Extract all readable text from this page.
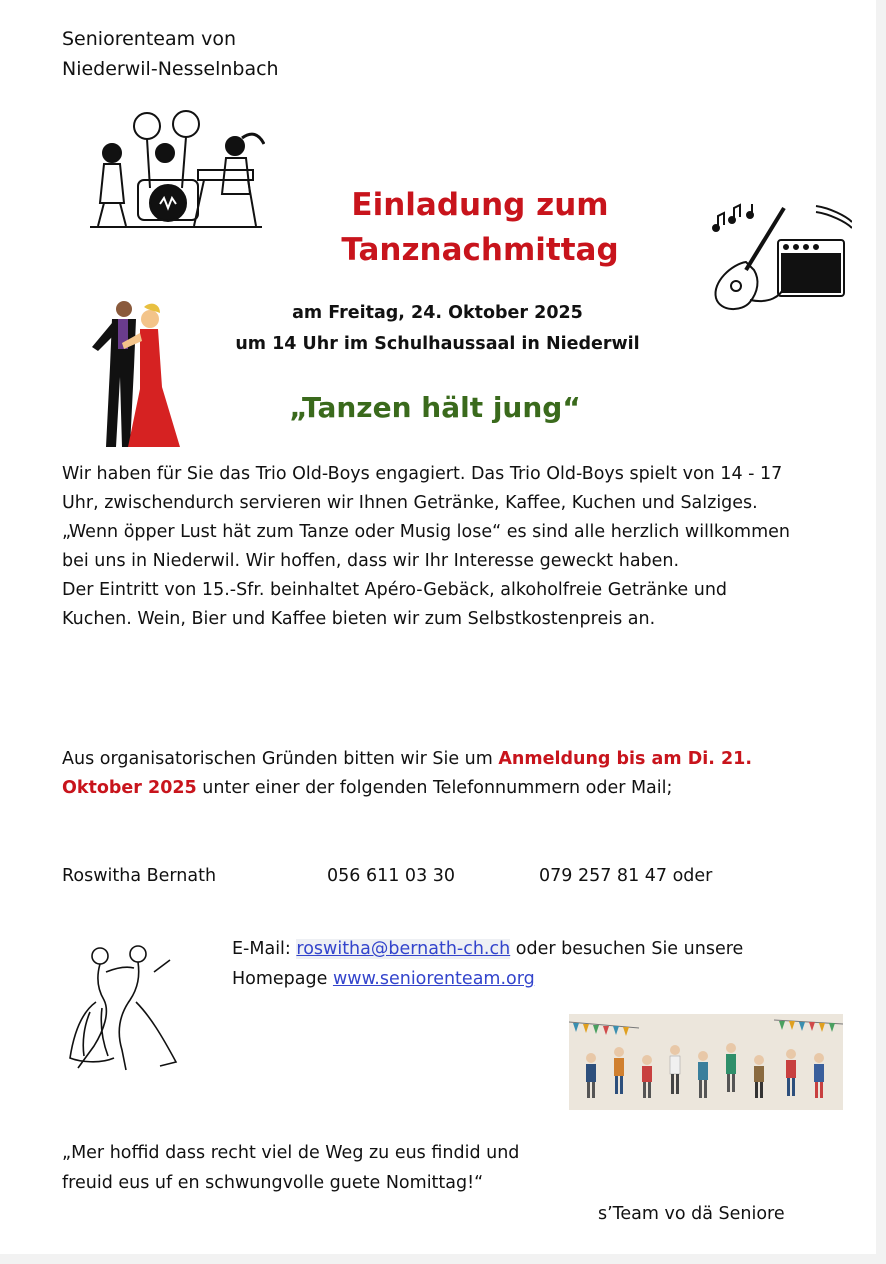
Seniorenteam von
Niederwil-Nesselnbach
Einladung zum
Tanznachmittag
am Freitag, 24. Oktober 2025
um 14 Uhr im Schulhaussaal in Niederwil
„Tanzen hält jung“

Wir haben für Sie das Trio Old-Boys engagiert. Das Trio Old-Boys spielt von 14 - 17 Uhr, zwischendurch servieren wir Ihnen Getränke, Kaffee, Kuchen und Salziges.

„Wenn öpper Lust hät zum Tanze oder Musig lose“ es sind alle herzlich willkommen bei uns in Niederwil. Wir hoffen, dass wir Ihr Interesse geweckt haben.

Der Eintritt von 15.-Sfr. beinhaltet Apéro-Gebäck, alkoholfreie Getränke und Kuchen. Wein, Bier und Kaffee bieten wir zum Selbstkostenpreis an.

Aus organisatorischen Gründen bitten wir Sie um Anmeldung bis am Di. 21. Oktober 2025 unter einer der folgenden Telefonnummern oder Mail;
Roswitha Bernath	056 611 03 30	079 257 81 47 oder
E-Mail: roswitha@bernath-ch.ch oder besuchen Sie unsere Homepage www.seniorenteam.org
„Mer hoffid dass recht viel de Weg zu eus findid und
freuid eus uf en schwungvolle guete Nomittag!“
s’Team vo dä Seniore
